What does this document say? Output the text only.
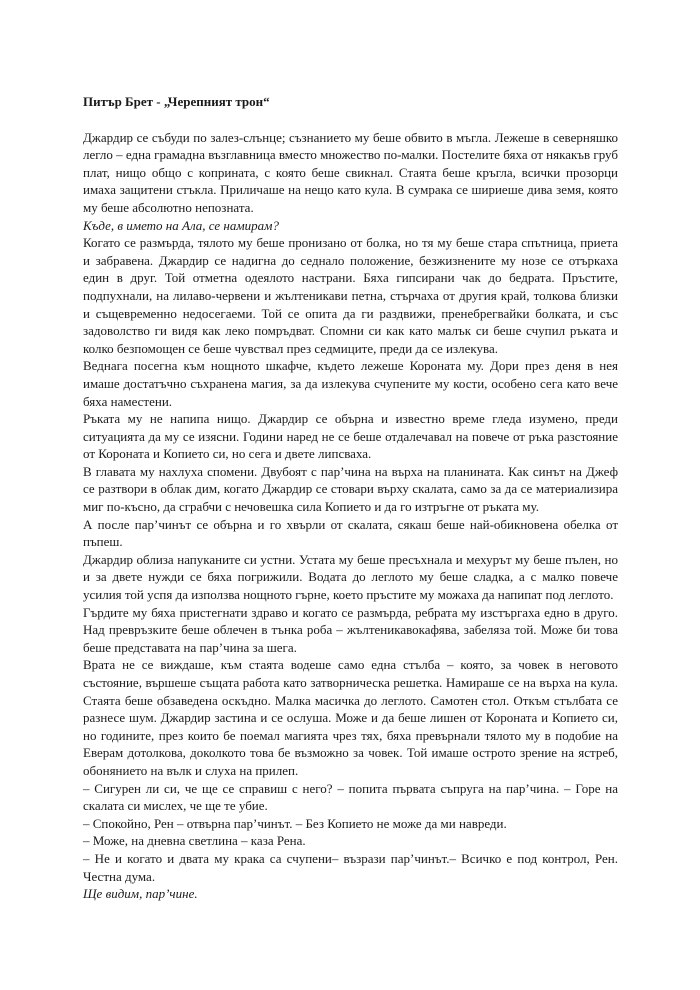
Питър Брет - „Черепният трон“

Джардир се събуди по залез-слънце; съзнанието му беше обвито в мъгла. Лежеше в северняшко легло – една грамадна възглавница вместо множество по-малки. Постелите бяха от някакъв груб плат, нищо общо с коприната, с която беше свикнал. Стаята беше кръгла, всички прозорци имаха защитени стъкла. Приличаше на нещо като кула. В сумрака се шириеше дива земя, която му беше абсолютно непозната.

Къде, в името на Ала, се намирам?

Когато се размърда, тялото му беше пронизано от болка, но тя му беше стара спътница, приета и забравена. Джардир се надигна до седнало положение, безжизнените му нозе се отъркаха един в друг. Той отметна одеялото настрани. Бяха гипсирани чак до бедрата. Пръстите, подпухнали, на лилаво-червени и жълтеникави петна, стърчаха от другия край, толкова близки и същевременно недосегаеми. Той се опита да ги раздвижи, пренебрегвайки болката, и със задоволство ги видя как леко помръдват. Спомни си как като малък си беше счупил ръката и колко безпомощен се беше чувствал през седмиците, преди да се излекува.

Веднага посегна към нощното шкафче, където лежеше Короната му. Дори през деня в нея имаше достатъчно съхранена магия, за да излекува счупените му кости, особено сега като вече бяха наместени.

Ръката му не напипа нищо. Джардир се обърна и известно време гледа изумено, преди ситуацията да му се изясни. Години наред не се беше отдалечавал на повече от ръка разстояние от Короната и Копието си, но сега и двете липсваха.

В главата му нахлуха спомени. Двубоят с пар’чина на върха на планината. Как синът на Джеф се разтвори в облак дим, когато Джардир се стовари върху скалата, само за да се материализира миг по-късно, да сграбчи с нечовешка сила Копието и да го изтръгне от ръката му.

А после пар’чинът се обърна и го хвърли от скалата, сякаш беше най-обикновена обелка от пъпеш.

Джардир облиза напуканите си устни. Устата му беше пресъхнала и мехурът му беше пълен, но и за двете нужди се бяха погрижили. Водата до леглото му беше сладка, а с малко повече усилия той успя да използва нощното гърне, което пръстите му можаха да напипат под леглото.

Гърдите му бяха пристегнати здраво и когато се размърда, ребрата му изстъргаха едно в друго. Над превръзките беше облечен в тънка роба – жълтеникавокафява, забеляза той. Може би това беше представата на пар’чина за шега.

Врата не се виждаше, към стаята водеше само една стълба – която, за човек в неговото състояние, вършеше същата работа като затворническа решетка. Намираше се на върха на кула. Стаята беше обзаведена оскъдно. Малка масичка до леглото. Самотен стол. Откъм стълбата се разнесе шум. Джардир застина и се ослуша. Може и да беше лишен от Короната и Копието си, но годините, през които бе поемал магията чрез тях, бяха превърнали тялото му в подобие на Еверам дотолкова, доколкото това бе възможно за човек. Той имаше острото зрение на ястреб, обонянието на вълк и слуха на прилеп.

– Сигурен ли си, че ще се справиш с него? – попита първата съпруга на пар’чина. – Горе на скалата си мислех, че ще те убие.

– Спокойно, Рен – отвърна пар’чинът. – Без Копието не може да ми навреди.

– Може, на дневна светлина – каза Рена.

– Не и когато и двата му крака са счупени– възрази пар’чинът.– Всичко е под контрол, Рен. Честна дума.

Ще видим, пар’чине.
